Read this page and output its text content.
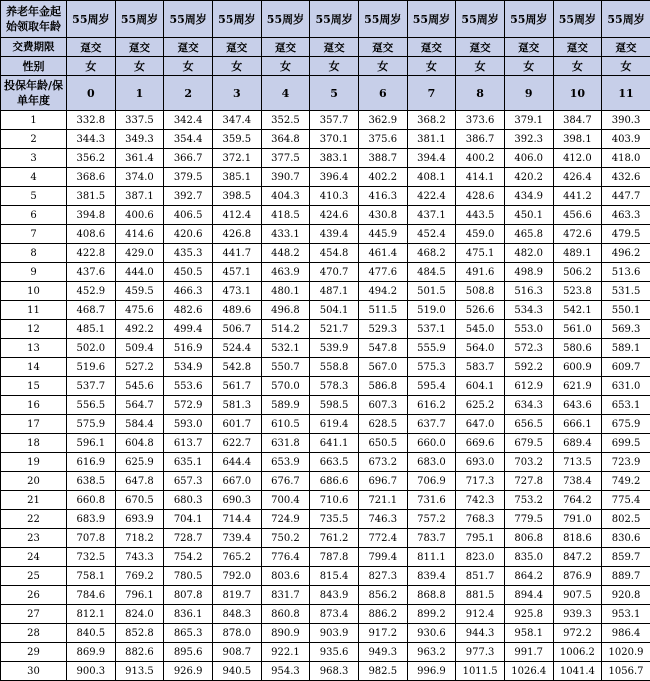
养老年金起始领取年龄	55周岁	55周岁	55周岁	55周岁	55周岁	55周岁	55周岁	55周岁	55周岁	55周岁	55周岁	55周岁
交费期限	趸交	趸交	趸交	趸交	趸交	趸交	趸交	趸交	趸交	趸交	趸交	趸交
性别	女	女	女	女	女	女	女	女	女	女	女	女
投保年龄/保单年度	0	1	2	3	4	5	6	7	8	9	10	11
1	332.8	337.5	342.4	347.4	352.5	357.7	362.9	368.2	373.6	379.1	384.7	390.3
2	344.3	349.3	354.4	359.5	364.8	370.1	375.6	381.1	386.7	392.3	398.1	403.9
3	356.2	361.4	366.7	372.1	377.5	383.1	388.7	394.4	400.2	406.0	412.0	418.0
4	368.6	374.0	379.5	385.1	390.7	396.4	402.2	408.1	414.1	420.2	426.4	432.6
5	381.5	387.1	392.7	398.5	404.3	410.3	416.3	422.4	428.6	434.9	441.2	447.7
6	394.8	400.6	406.5	412.4	418.5	424.6	430.8	437.1	443.5	450.1	456.6	463.3
7	408.6	414.6	420.6	426.8	433.1	439.4	445.9	452.4	459.0	465.8	472.6	479.5
8	422.8	429.0	435.3	441.7	448.2	454.8	461.4	468.2	475.1	482.0	489.1	496.2
9	437.6	444.0	450.5	457.1	463.9	470.7	477.6	484.5	491.6	498.9	506.2	513.6
10	452.9	459.5	466.3	473.1	480.1	487.1	494.2	501.5	508.8	516.3	523.8	531.5
11	468.7	475.6	482.6	489.6	496.8	504.1	511.5	519.0	526.6	534.3	542.1	550.1
12	485.1	492.2	499.4	506.7	514.2	521.7	529.3	537.1	545.0	553.0	561.0	569.3
13	502.0	509.4	516.9	524.4	532.1	539.9	547.8	555.9	564.0	572.3	580.6	589.1
14	519.6	527.2	534.9	542.8	550.7	558.8	567.0	575.3	583.7	592.2	600.9	609.7
15	537.7	545.6	553.6	561.7	570.0	578.3	586.8	595.4	604.1	612.9	621.9	631.0
16	556.5	564.7	572.9	581.3	589.9	598.5	607.3	616.2	625.2	634.3	643.6	653.1
17	575.9	584.4	593.0	601.7	610.5	619.4	628.5	637.7	647.0	656.5	666.1	675.9
18	596.1	604.8	613.7	622.7	631.8	641.1	650.5	660.0	669.6	679.5	689.4	699.5
19	616.9	625.9	635.1	644.4	653.9	663.5	673.2	683.0	693.0	703.2	713.5	723.9
20	638.5	647.8	657.3	667.0	676.7	686.6	696.7	706.9	717.3	727.8	738.4	749.2
21	660.8	670.5	680.3	690.3	700.4	710.6	721.1	731.6	742.3	753.2	764.2	775.4
22	683.9	693.9	704.1	714.4	724.9	735.5	746.3	757.2	768.3	779.5	791.0	802.5
23	707.8	718.2	728.7	739.4	750.2	761.2	772.4	783.7	795.1	806.8	818.6	830.6
24	732.5	743.3	754.2	765.2	776.4	787.8	799.4	811.1	823.0	835.0	847.2	859.7
25	758.1	769.2	780.5	792.0	803.6	815.4	827.3	839.4	851.7	864.2	876.9	889.7
26	784.6	796.1	807.8	819.7	831.7	843.9	856.2	868.8	881.5	894.4	907.5	920.8
27	812.1	824.0	836.1	848.3	860.8	873.4	886.2	899.2	912.4	925.8	939.3	953.1
28	840.5	852.8	865.3	878.0	890.9	903.9	917.2	930.6	944.3	958.1	972.2	986.4
29	869.9	882.6	895.6	908.7	922.1	935.6	949.3	963.2	977.3	991.7	1006.2	1020.9
30	900.3	913.5	926.9	940.5	954.3	968.3	982.5	996.9	1011.5	1026.4	1041.4	1056.7
